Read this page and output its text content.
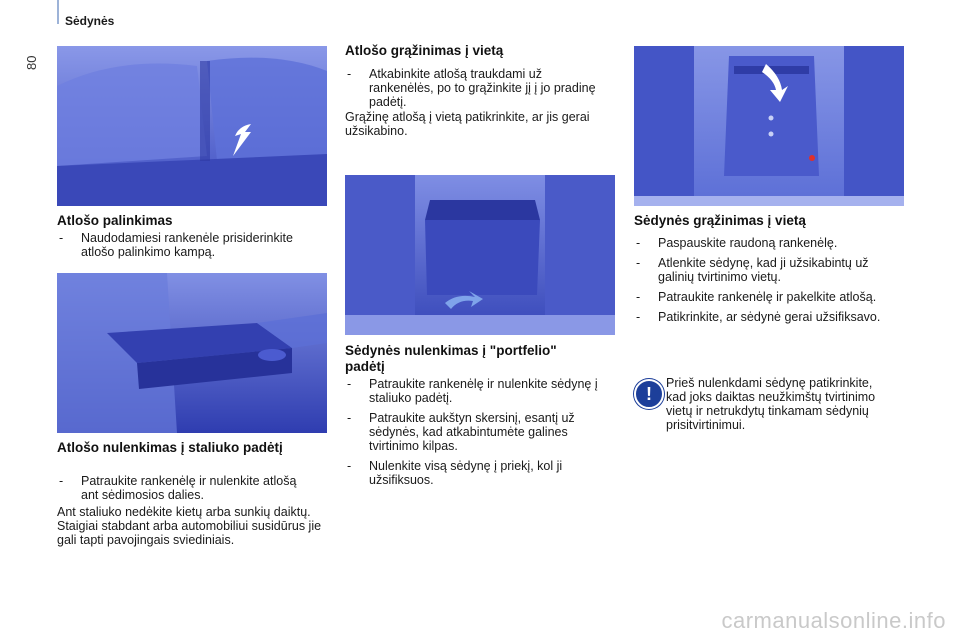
Sėdynės
80
Atlošo palinkimas
- Naudodamiesi rankenėle prisiderinkite atlošo palinkimo kampą.
Atlošo nulenkimas į staliuko padėtį
- Patraukite rankenėlę ir nulenkite atlošą ant sėdimosios dalies.
Ant staliuko nedėkite kietų arba sunkių daiktų. Staigiai stabdant arba automobiliui susidūrus jie gali tapti pavojingais sviediniais.
Atlošo grąžinimas į vietą
- Atkabinkite atlošą traukdami už rankenėlės, po to grąžinkite jį į jo pradinę padėtį.
Grąžinę atlošą į vietą patikrinkite, ar jis gerai užsikabino.
Sėdynės nulenkimas į "portfelio" padėtį
- Patraukite rankenėlę ir nulenkite sėdynę į staliuko padėtį.
- Patraukite aukštyn skersinį, esantį už sėdynės, kad atkabintumėte galines tvirtinimo kilpas.
- Nulenkite visą sėdynę į priekį, kol ji užsifiksuos.
Sėdynės grąžinimas į vietą
- Paspauskite raudoną rankenėlę.
- Atlenkite sėdynę, kad ji užsikabintų už galinių tvirtinimo vietų.
- Patraukite rankenėlę ir pakelkite atlošą.
- Patikrinkite, ar sėdynė gerai užsifiksavo.
!
Prieš nulenkdami sėdynę patikrinkite, kad joks daiktas neužkimštų tvirtinimo vietų ir netrukdytų tinkamam sėdynių prisitvirtinimui.
carmanualsonline.info
